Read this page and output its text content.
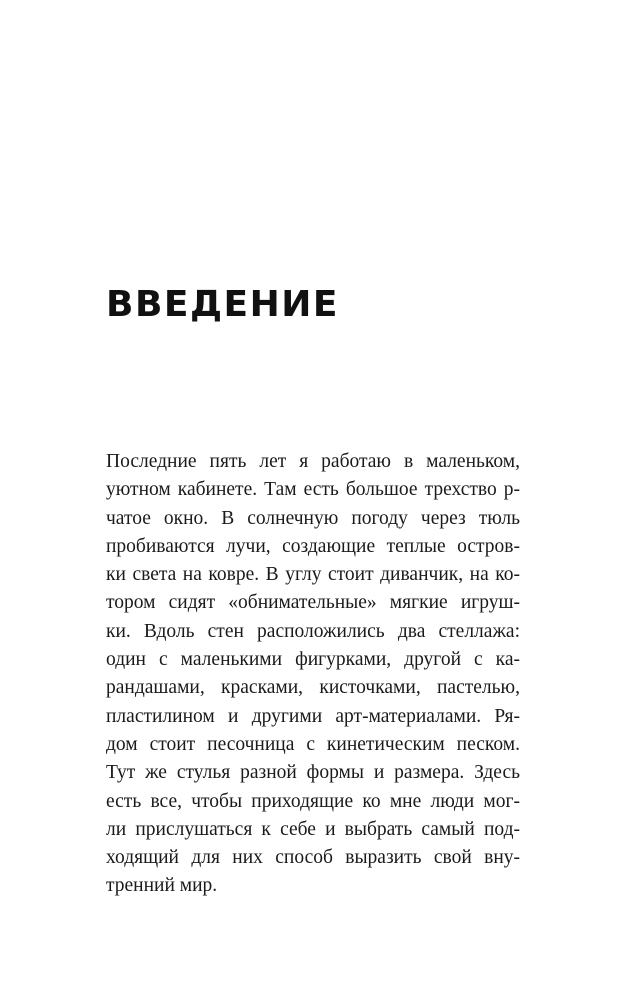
ВВЕДЕНИЕ
Последние пять лет я работаю в маленьком,
уютном кабинете. Там есть большое трехство р-
чатое окно. В солнечную погоду через тюль
пробиваются лучи, создающие теплые остров-
ки света на ковре. В углу стоит диванчик, на ко-
тором сидят «обнимательные» мягкие игруш-
ки. Вдоль стен расположились два стеллажа:
один с маленькими фигурками, другой с ка-
рандашами, красками, кисточками, пастелью,
пластилином и другими арт-материалами. Ря-
дом стоит песочница с кинетическим песком.
Тут же стулья разной формы и размера. Здесь
есть все, чтобы приходящие ко мне люди мог-
ли прислушаться к себе и выбрать самый под-
ходящий для них способ выразить свой вну-
тренний мир.
